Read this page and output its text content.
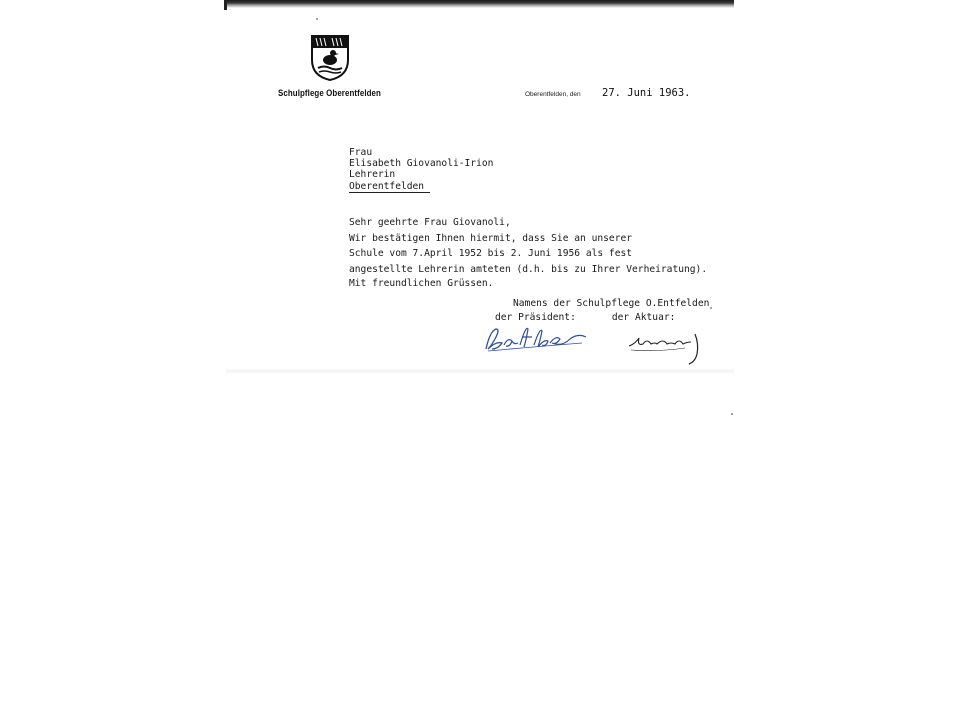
Schulpflege Oberentfelden	Oberentfelden, den 27. Juni 1963.
Frau
Elisabeth Giovanoli-Irion
Lehrerin
Oberentfelden
Sehr geehrte Frau Giovanoli,
Wir bestätigen Ihnen hiermit, dass Sie an unserer
Schule vom 7.April 1952 bis 2. Juni 1956 als fest
angestellte Lehrerin amteten (d.h. bis zu Ihrer Verheiratung).
Mit freundlichen Grüssen.
Namens der Schulpflege O.Entfelden
der Präsident:	der Aktuar:
